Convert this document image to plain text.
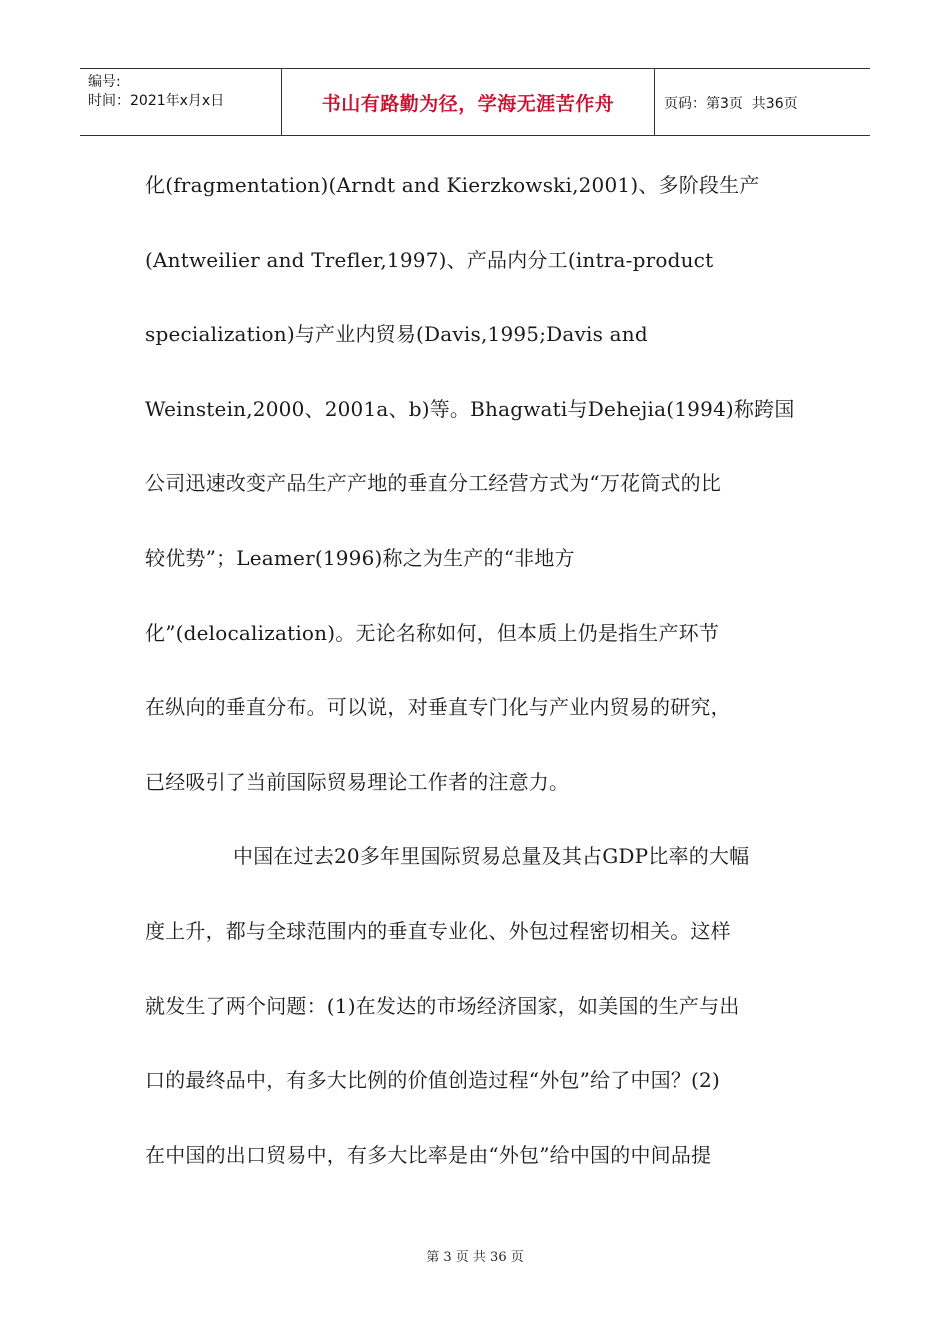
编号:
时间：2021年x月x日	书山有路勤为径，学海无涯苦作舟	页码：第3页  共36页
化(fragmentation)(Arndt and Kierzkowski,2001)、多阶段生产
(Antweilier and Trefler,1997)、产品内分工(intra-product
specialization)与产业内贸易(Davis,1995;Davis and
Weinstein,2000、2001a、b)等。Bhagwati与Dehejia(1994)称跨国
公司迅速改变产品生产产地的垂直分工经营方式为“万花筒式的比
较优势”；Leamer(1996)称之为生产的“非地方
化”(delocalization)。无论名称如何，但本质上仍是指生产环节
在纵向的垂直分布。可以说，对垂直专门化与产业内贸易的研究，
已经吸引了当前国际贸易理论工作者的注意力。
中国在过去20多年里国际贸易总量及其占GDP比率的大幅
度上升，都与全球范围内的垂直专业化、外包过程密切相关。这样
就发生了两个问题：(1)在发达的市场经济国家，如美国的生产与出
口的最终品中，有多大比例的价值创造过程“外包”给了中国？(2)
在中国的出口贸易中，有多大比率是由“外包”给中国的中间品提
第 3 页 共 36 页
